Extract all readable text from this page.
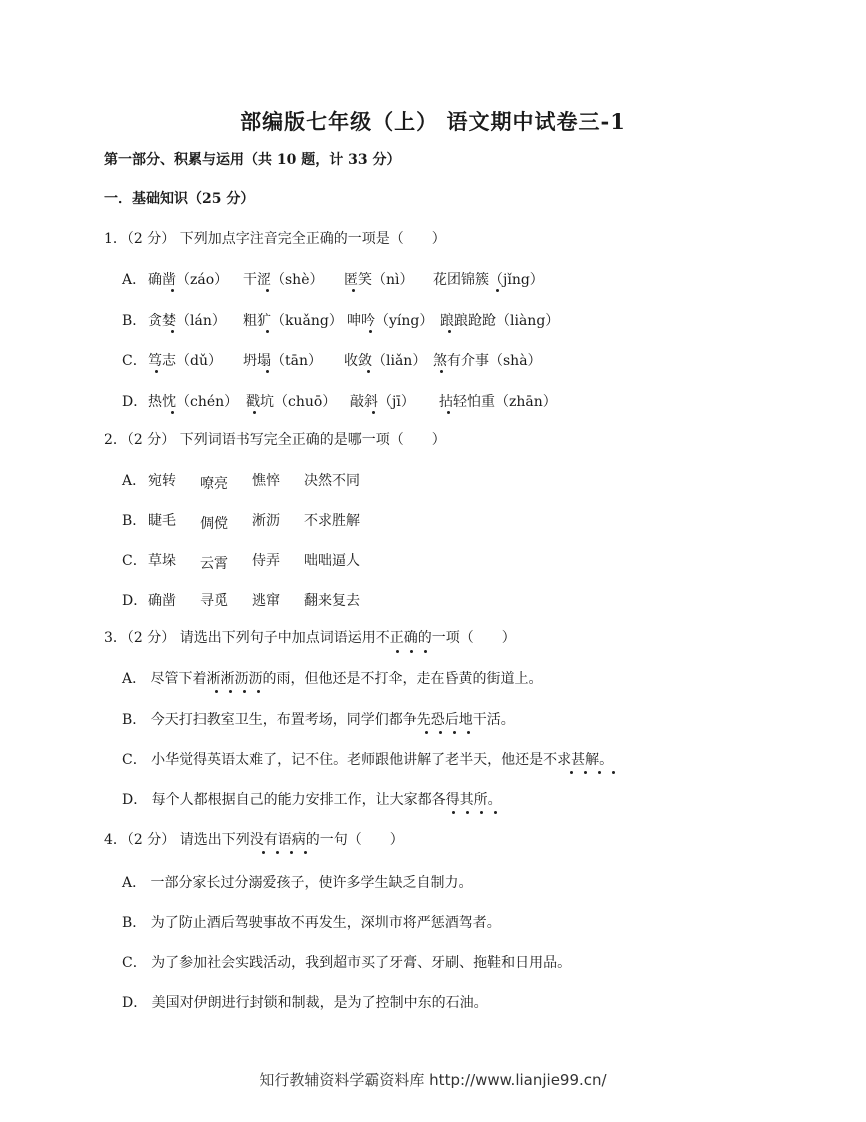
部编版七年级（上） 语文期中试卷三-1
第一部分、积累与运用（共 10 题，计 33 分）
一．基础知识（25 分）
1．（2 分） 下列加点字注音完全正确的一项是（　　）
A． 确凿（záo） 干涩（shè） 匿笑（nì） 花团锦簇（jǐng）
B． 贪婪（lán） 粗犷（kuǎng） 呻吟（yíng） 踉踉跄跄（liàng）
C． 笃志（dǔ） 坍塌（tān） 收敛（liǎn） 煞有介事（shà）
D． 热忱（chén） 戳坑（chuō） 敲斜（jī） 拈轻怕重（zhān）
2．（2 分） 下列词语书写完全正确的是哪一项（　　）
A． 宛转 嘹亮 憔悴 决然不同
B． 睫毛 倜傥 淅沥 不求胜解
C． 草垛 云霄 侍弄 咄咄逼人
D． 确凿 寻觅 逃窜 翻来复去
3．（2 分） 请选出下列句子中加点词语运用不正确的一项（　　）
A． 尽管下着淅淅沥沥的雨，但他还是不打伞，走在昏黄的街道上。
B． 今天打扫教室卫生，布置考场，同学们都争先恐后地干活。
C． 小华觉得英语太难了，记不住。老师跟他讲解了老半天，他还是不求甚解。
D． 每个人都根据自己的能力安排工作，让大家都各得其所。
4．（2 分） 请选出下列没有语病的一句（　　）
A． 一部分家长过分溺爱孩子，使许多学生缺乏自制力。
B． 为了防止酒后驾驶事故不再发生，深圳市将严惩酒驾者。
C． 为了参加社会实践活动，我到超市买了牙膏、牙刷、拖鞋和日用品。
D． 美国对伊朗进行封锁和制裁，是为了控制中东的石油。
知行教辅资料学霸资料库 http://www.lianjie99.cn/
